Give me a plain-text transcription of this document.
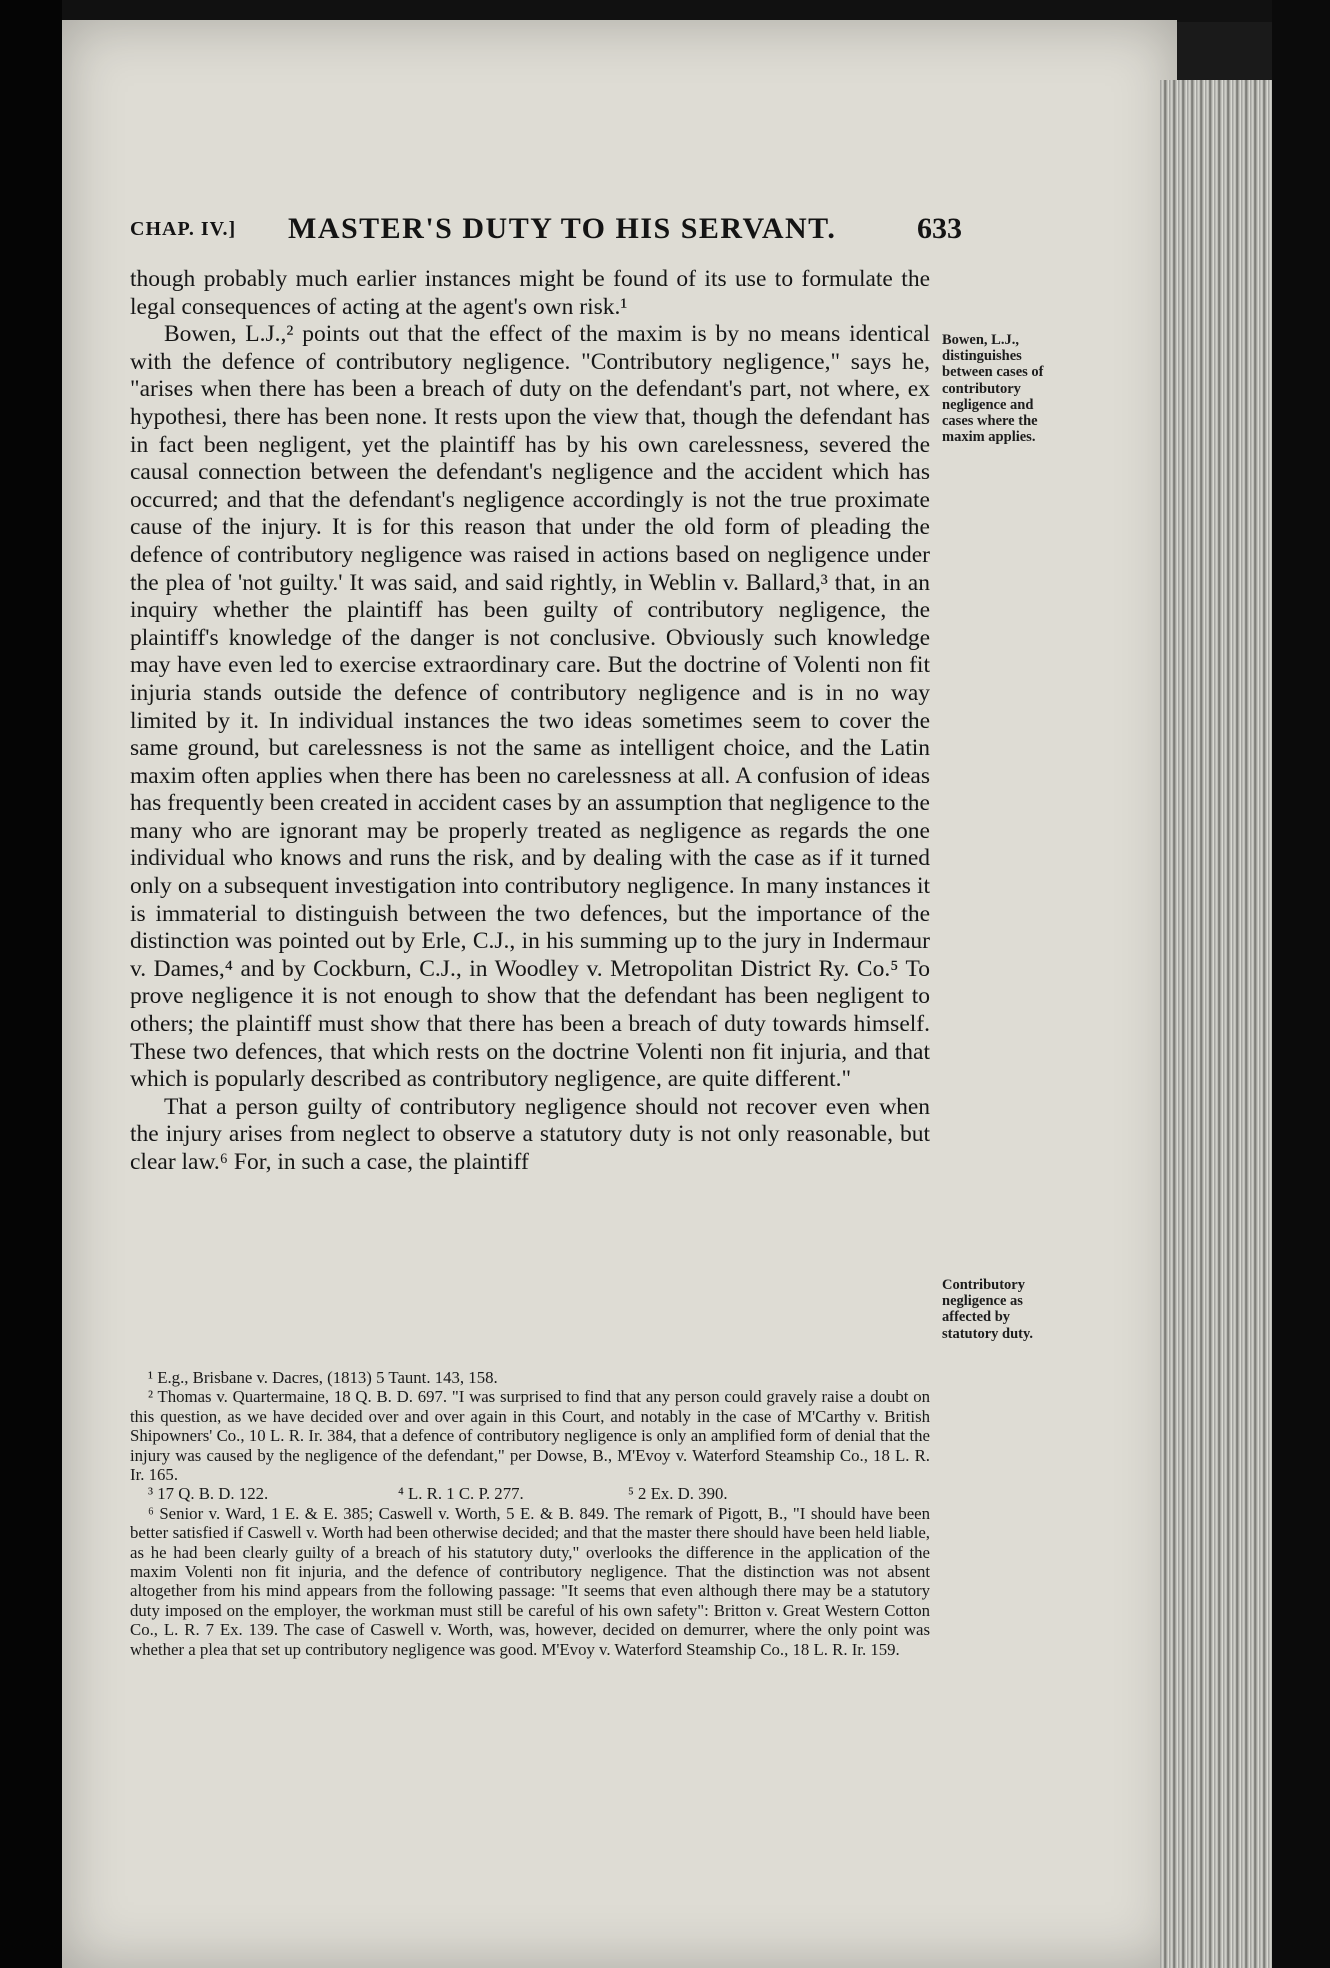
CHAP. IV.] MASTER'S DUTY TO HIS SERVANT.	633

though probably much earlier instances might be found of its use to formulate the legal consequences of acting at the agent's own risk.¹

Bowen, L.J.,² points out that the effect of the maxim is by no means identical with the defence of contributory negligence. "Contributory negligence," says he, "arises when there has been a breach of duty on the defendant's part, not where, ex hypothesi, there has been none. It rests upon the view that, though the defendant has in fact been negligent, yet the plaintiff has by his own carelessness, severed the causal connection between the defendant's negligence and the accident which has occurred; and that the defendant's negligence accordingly is not the true proximate cause of the injury. It is for this reason that under the old form of pleading the defence of contributory negligence was raised in actions based on negligence under the plea of 'not guilty.' It was said, and said rightly, in Weblin v. Ballard,³ that, in an inquiry whether the plaintiff has been guilty of contributory negligence, the plaintiff's knowledge of the danger is not conclusive. Obviously such knowledge may have even led to exercise extraordinary care. But the doctrine of Volenti non fit injuria stands outside the defence of contributory negligence and is in no way limited by it. In individual instances the two ideas sometimes seem to cover the same ground, but carelessness is not the same as intelligent choice, and the Latin maxim often applies when there has been no carelessness at all. A confusion of ideas has frequently been created in accident cases by an assumption that negligence to the many who are ignorant may be properly treated as negligence as regards the one individual who knows and runs the risk, and by dealing with the case as if it turned only on a subsequent investigation into contributory negligence. In many instances it is immaterial to distinguish between the two defences, but the importance of the distinction was pointed out by Erle, C.J., in his summing up to the jury in Indermaur v. Dames,⁴ and by Cockburn, C.J., in Woodley v. Metropolitan District Ry. Co.⁵ To prove negligence it is not enough to show that the defendant has been negligent to others; the plaintiff must show that there has been a breach of duty towards himself. These two defences, that which rests on the doctrine Volenti non fit injuria, and that which is popularly described as contributory negligence, are quite different."

That a person guilty of contributory negligence should not recover even when the injury arises from neglect to observe a statutory duty is not only reasonable, but clear law.⁶ For, in such a case, the plaintiff

Bowen, L.J., distinguishes between cases of contributory negligence and cases where the maxim applies.
Contributory negligence as affected by statutory duty.

¹ E.g., Brisbane v. Dacres, (1813) 5 Taunt. 143, 158.

² Thomas v. Quartermaine, 18 Q. B. D. 697. "I was surprised to find that any person could gravely raise a doubt on this question, as we have decided over and over again in this Court, and notably in the case of M'Carthy v. British Shipowners' Co., 10 L. R. Ir. 384, that a defence of contributory negligence is only an amplified form of denial that the injury was caused by the negligence of the defendant," per Dowse, B., M'Evoy v. Waterford Steamship Co., 18 L. R. Ir. 165.

³ 17 Q. B. D. 122.	⁴ L. R. 1 C. P. 277.	⁵ 2 Ex. D. 390.

⁶ Senior v. Ward, 1 E. & E. 385; Caswell v. Worth, 5 E. & B. 849. The remark of Pigott, B., "I should have been better satisfied if Caswell v. Worth had been otherwise decided; and that the master there should have been held liable, as he had been clearly guilty of a breach of his statutory duty," overlooks the difference in the application of the maxim Volenti non fit injuria, and the defence of contributory negligence. That the distinction was not absent altogether from his mind appears from the following passage: "It seems that even although there may be a statutory duty imposed on the employer, the workman must still be careful of his own safety": Britton v. Great Western Cotton Co., L. R. 7 Ex. 139. The case of Caswell v. Worth, was, however, decided on demurrer, where the only point was whether a plea that set up contributory negligence was good. M'Evoy v. Waterford Steamship Co., 18 L. R. Ir. 159.
